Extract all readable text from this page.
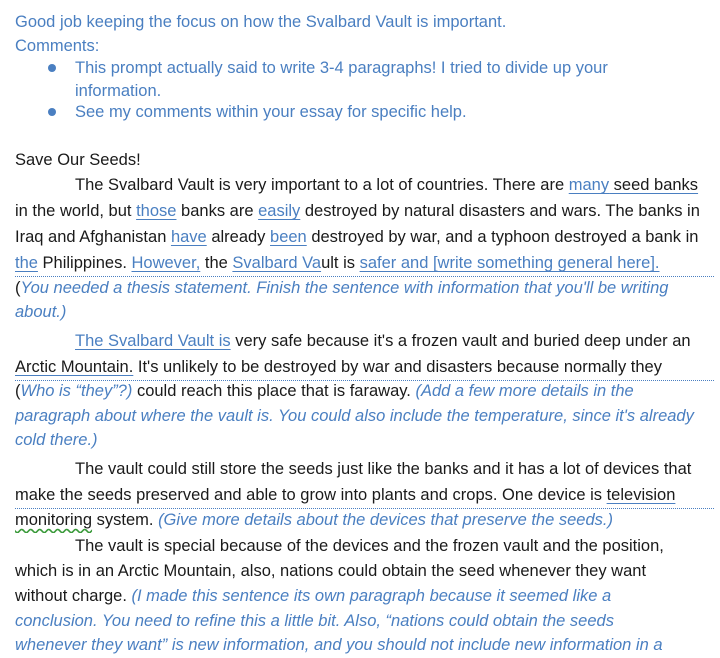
Good job keeping the focus on how the Svalbard Vault is important.
Comments:
This prompt actually said to write 3-4 paragraphs! I tried to divide up your
information.
See my comments within your essay for specific help.
Save Our Seeds!
The Svalbard Vault is very important to a lot of countries. There are many seed banks
in the world, but those banks are easily destroyed by natural disasters and wars. The banks in
Iraq and Afghanistan have already been destroyed by war, and a typhoon destroyed a bank in
the Philippines. However, the Svalbard Vault is safer and [write something general here].
(You needed a thesis statement. Finish the sentence with information that you'll be writing
about.)
The Svalbard Vault is very safe because it's a frozen vault and buried deep under an
Arctic Mountain. It's unlikely to be destroyed by war and disasters because normally they
(Who is “they”?) could reach this place that is faraway. (Add a few more details in the
paragraph about where the vault is. You could also include the temperature, since it's already
cold there.)
The vault could still store the seeds just like the banks and it has a lot of devices that
make the seeds preserved and able to grow into plants and crops. One device is television
monitoring system. (Give more details about the devices that preserve the seeds.)
The vault is special because of the devices and the frozen vault and the position,
which is in an Arctic Mountain, also, nations could obtain the seed whenever they want
without charge. (I made this sentence its own paragraph because it seemed like a
conclusion. You need to refine this a little bit. Also, “nations could obtain the seeds
whenever they want” is new information, and you should not include new information in a
